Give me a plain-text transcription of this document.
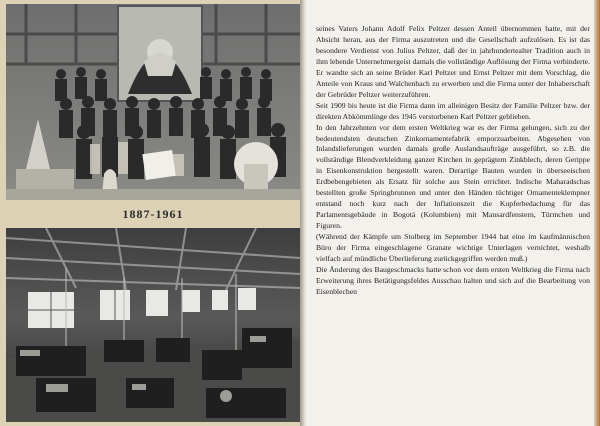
1887-1961

seines Vaters Johann Adolf Felix Peltzer dessen Anteil übernommen hatte, mit der Absicht heran, aus der Firma auszutreten und die Gesellschaft aufzulösen. Es ist das besondere Verdienst von Julius Peltzer, daß der in jahrhundertealter Tradition auch in ihm lebende Unternehmergeist damals die vollständige Auflösung der Firma verhinderte. Er wandte sich an seine Brüder Karl Peltzer und Ernst Peltzer mit dem Vorschlag, die Anteile von Kraus und Walchenbach zu erwerben und die Firma unter der Inhaberschaft der Gebrüder Peltzer weiterzuführen.

Seit 1909 bis heute ist die Firma dann im alleinigen Besitz der Familie Peltzer bzw. der direkten Abkömmlinge des 1945 verstorbenen Karl Peltzer geblieben.

In den Jahrzehnten vor dem ersten Weltkrieg war es der Firma gelungen, sich zu der bedeutendsten deutschen Zinkornamentefabrik emporzuarbeiten. Abgesehen von Inlandslieferungen wurden damals große Auslandsaufträge ausgeführt, so z.B. die vollständige Blendverkleidung ganzer Kirchen in geprägtem Zinkblech, deren Gerippe in Eisenkonstruktion hergestellt waren. Derartige Bauten wurden in überseeischen Erdbebengebieten als Ersatz für solche aus Stein errichtet. Indische Maharadschas bestellten große Springbrunnen und unter den Händen tüchtiger Ornamenteklempner entstand noch kurz nach der Inflationszeit die Kupferbedachung für das Parlamentsgebäude in Bogotá (Kolumbien) mit Mansardfenstern, Türmchen und Figuren.

(Während der Kämpfe um Stolberg im September 1944 hat eine im kaufmännischen Büro der Firma eingeschlagene Granate wichtige Unterlagen vernichtet, weshalb vielfach auf mündliche Überlieferung zurückgegriffen werden muß.)

Die Änderung des Baugeschmacks hatte schon vor dem ersten Weltkrieg die Firma nach Erweiterung ihres Betätigungsfeldes Ausschau halten und sich auf die Bearbeitung von Eisenblechen
